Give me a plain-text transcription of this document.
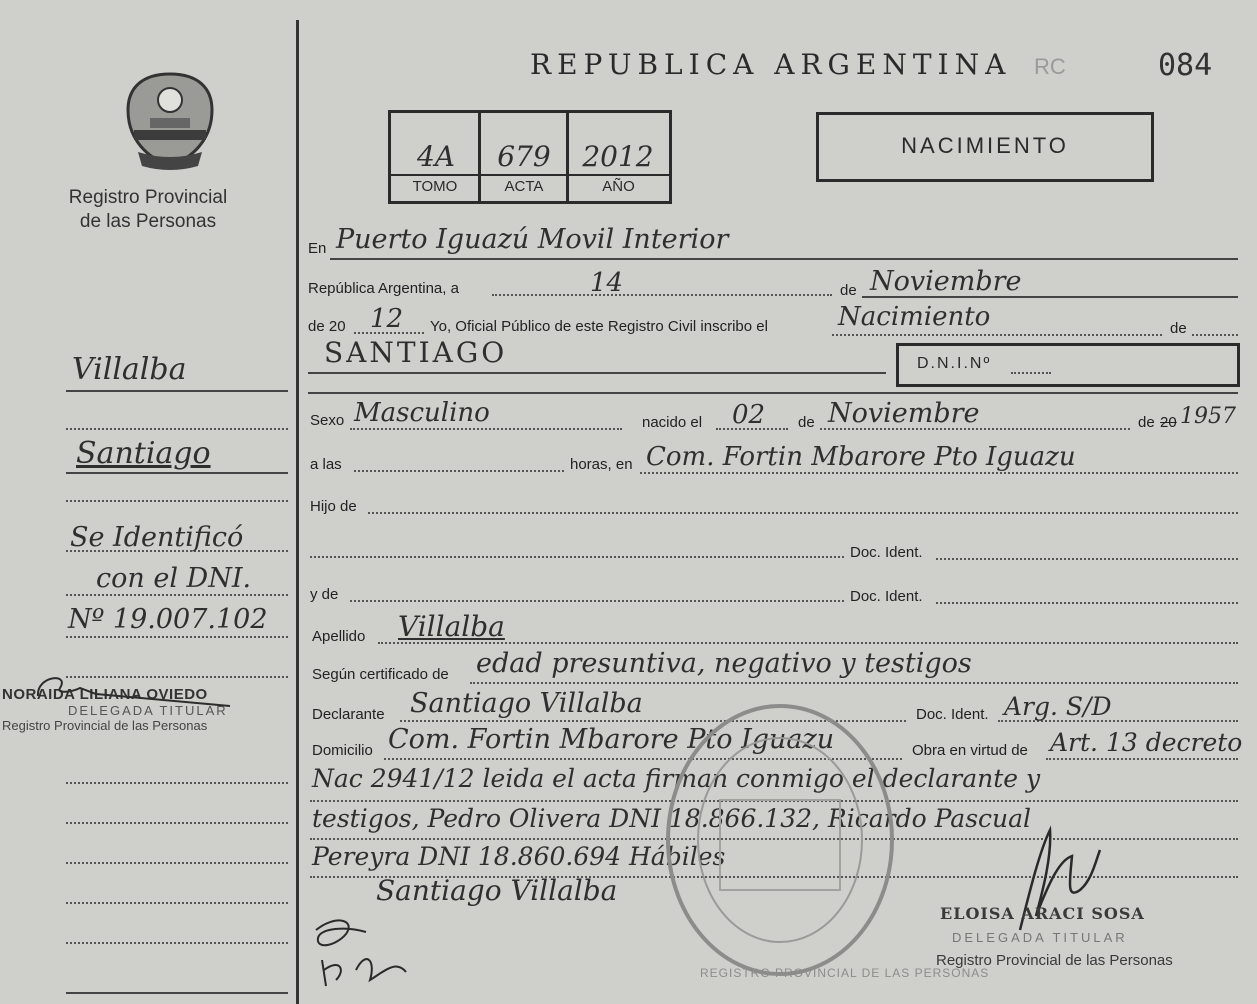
Registro Provincial
de las Personas
Villalba
Santiago
Se Identificó
con el DNI.
Nº 19.007.102
NORAIDA LILIANA OVIEDO
DELEGADA TITULAR
Registro Provincial de las Personas
REPUBLICA ARGENTINA RC	084
4A	679	2012
TOMO	ACTA	AÑO
NACIMIENTO
En Puerto Iguazú Movil Interior
República Argentina, a	14	de Noviembre
de 20 12 Yo, Oficial Público de este Registro Civil inscribo el	Nacimiento	de
SANTIAGO	D.N.I.Nº
Sexo Masculino	nacido el 02 de Noviembre	de 20 1957
a las	horas, en Com. Fortin Mbarore Pto Iguazu
Hijo de
Doc. Ident.
y de	Doc. Ident.
Apellido Villalba
Según certificado de edad presuntiva, negativo y testigos
Declarante Santiago Villalba	Doc. Ident. Arg. S/D
Domicilio Com. Fortin Mbarore Pto Iguazu	Obra en virtud de Art. 13 decreto
Nac 2941/12 leida el acta firman conmigo el declarante y
testigos, Pedro Olivera DNI 18.866.132, Ricardo Pascual
Pereyra DNI 18.860.694 Hábiles
Santiago Villalba
REGISTRO PROVINCIAL DE LAS PERSONAS
ELOISA ARACI SOSA
DELEGADA TITULAR
Registro Provincial de las Personas
